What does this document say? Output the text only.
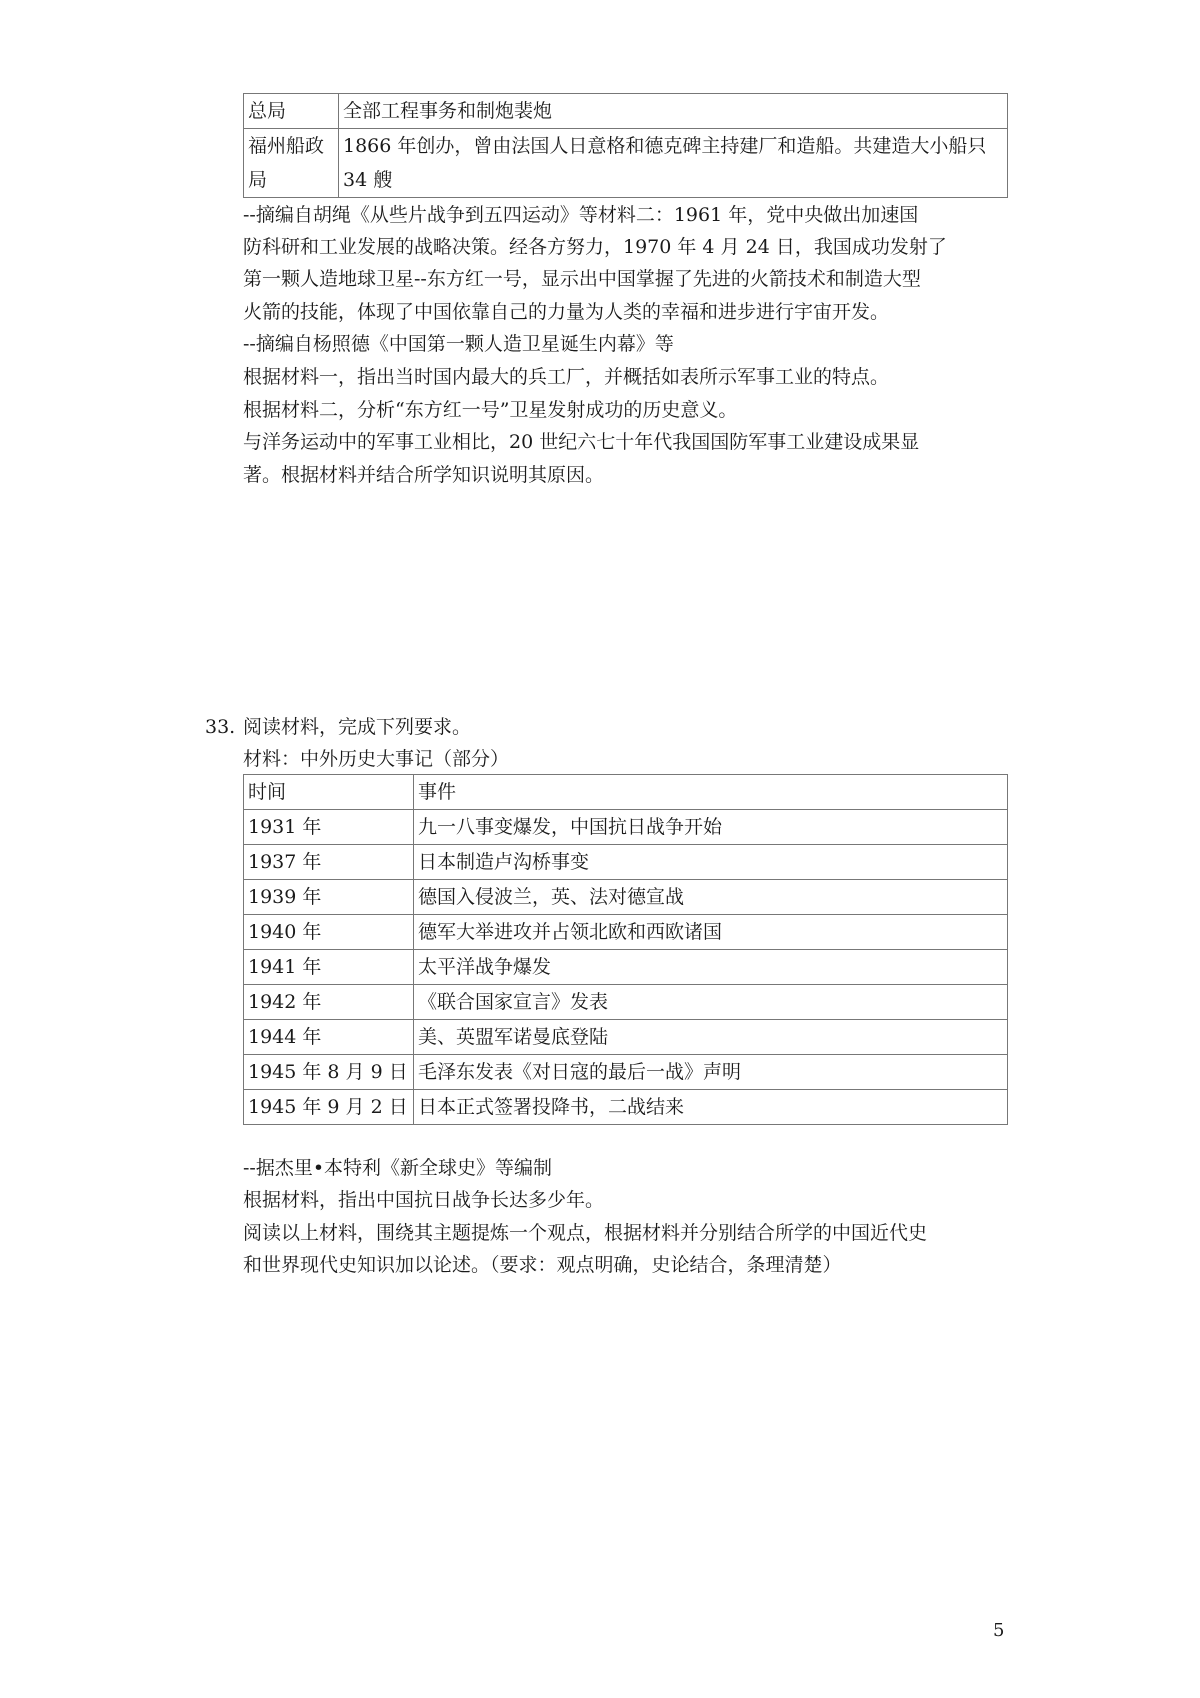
总局	全部工程事务和制炮裴炮
福州船政局	1866 年创办，曾由法国人日意格和德克碑主持建厂和造船。共建造大小船只 34 艘
--摘编自胡绳《从些片战争到五四运动》等材料二：1961 年，党中央做出加速国
防科研和工业发展的战略决策。经各方努力，1970 年 4 月 24 日，我国成功发射了
第一颗人造地球卫星--东方红一号，显示出中国掌握了先进的火箭技术和制造大型
火箭的技能，体现了中国依靠自己的力量为人类的幸福和进步进行宇宙开发。
--摘编自杨照德《中国第一颗人造卫星诞生内幕》等
根据材料一，指出当时国内最大的兵工厂，并概括如表所示军事工业的特点。
根据材料二，分析“东方红一号”卫星发射成功的历史意义。
与洋务运动中的军事工业相比，20 世纪六七十年代我国国防军事工业建设成果显
著。根据材料并结合所学知识说明其原因。
33. 阅读材料，完成下列要求。
材料：中外历史大事记（部分）
时间	事件
1931 年	九一八事变爆发，中国抗日战争开始
1937 年	日本制造卢沟桥事变
1939 年	德国入侵波兰，英、法对德宣战
1940 年	德军大举进攻并占领北欧和西欧诸国
1941 年	太平洋战争爆发
1942 年	《联合国家宣言》发表
1944 年	美、英盟军诺曼底登陆
1945 年 8 月 9 日	毛泽东发表《对日寇的最后一战》声明
1945 年 9 月 2 日	日本正式签署投降书，二战结来
--据杰里•本特利《新全球史》等编制
根据材料，指出中国抗日战争长达多少年。
阅读以上材料，围绕其主题提炼一个观点，根据材料并分别结合所学的中国近代史
和世界现代史知识加以论述。（要求：观点明确，史论结合，条理清楚）
5
